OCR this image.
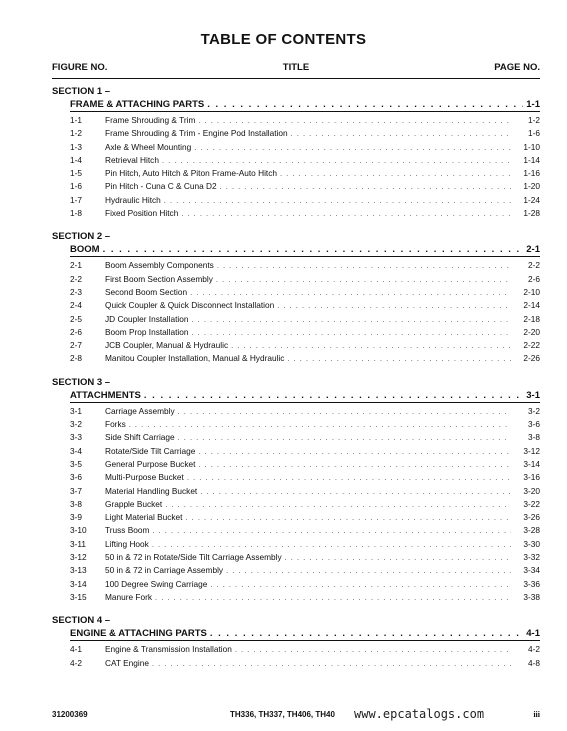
TABLE OF CONTENTS
FIGURE NO.	TITLE	PAGE NO.
SECTION 1 –
FRAME & ATTACHING PARTS . . .	1-1
1-1	Frame Shrouding & Trim . . .	1-2
1-2	Frame Shrouding & Trim - Engine Pod Installation . . .	1-6
1-3	Axle & Wheel Mounting . . .	1-10
1-4	Retrieval Hitch . . .	1-14
1-5	Pin Hitch, Auto Hitch & Piton Frame-Auto Hitch . . .	1-16
1-6	Pin Hitch - Cuna C & Cuna D2 . . .	1-20
1-7	Hydraulic Hitch . . .	1-24
1-8	Fixed Position Hitch . . .	1-28
SECTION 2 –
BOOM . . .	2-1
2-1	Boom Assembly Components . . .	2-2
2-2	First Boom Section Assembly . . .	2-6
2-3	Second Boom Section . . .	2-10
2-4	Quick Coupler & Quick Disconnect Installation . . .	2-14
2-5	JD Coupler Installation . . .	2-18
2-6	Boom Prop Installation . . .	2-20
2-7	JCB Coupler, Manual & Hydraulic . . .	2-22
2-8	Manitou Coupler Installation, Manual & Hydraulic . . .	2-26
SECTION 3 –
ATTACHMENTS . . .	3-1
3-1	Carriage Assembly . . .	3-2
3-2	Forks . . .	3-6
3-3	Side Shift Carriage . . .	3-8
3-4	Rotate/Side Tilt Carriage . . .	3-12
3-5	General Purpose Bucket . . .	3-14
3-6	Multi-Purpose Bucket . . .	3-16
3-7	Material Handling Bucket . . .	3-20
3-8	Grapple Bucket . . .	3-22
3-9	Light Material Bucket . . .	3-26
3-10	Truss Boom . . .	3-28
3-11	Lifting Hook . . .	3-30
3-12	50 in & 72 in Rotate/Side Tilt Carriage Assembly . . .	3-32
3-13	50 in & 72 in Carriage Assembly . . .	3-34
3-14	100 Degree Swing Carriage . . .	3-36
3-15	Manure Fork . . .	3-38
SECTION 4 –
ENGINE & ATTACHING PARTS . . .	4-1
4-1	Engine & Transmission Installation . . .	4-2
4-2	CAT Engine . . .	4-8
31200369	TH336, TH337, TH406, TH40 www.epcatalogs.com	iii
